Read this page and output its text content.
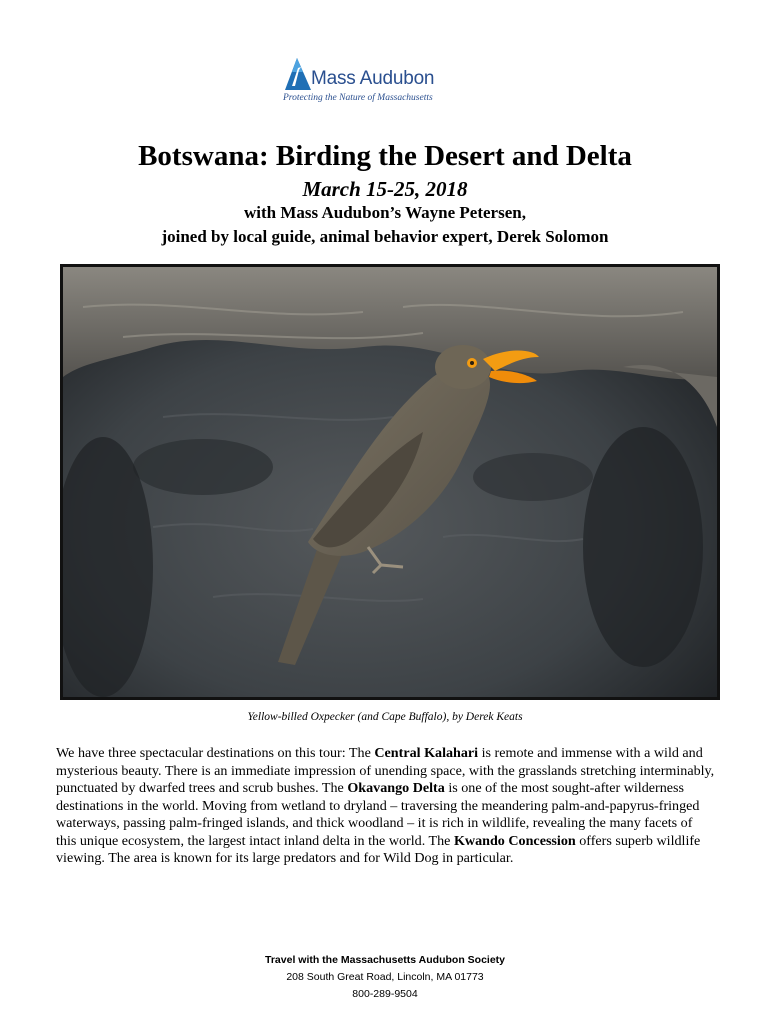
Mass Audubon
Protecting the Nature of Massachusetts
Botswana: Birding the Desert and Delta
March 15-25, 2018
with Mass Audubon’s Wayne Petersen,
joined by local guide, animal behavior expert, Derek Solomon
Yellow-billed Oxpecker (and Cape Buffalo), by Derek Keats

We have three spectacular destinations on this tour: The Central Kalahari is remote and immense with a wild and mysterious beauty. There is an immediate impression of unending space, with the grasslands stretching interminably, punctuated by dwarfed trees and scrub bushes. The Okavango Delta is one of the most sought-after wilderness destinations in the world. Moving from wetland to dryland – traversing the meandering palm-and-papyrus-fringed waterways, passing palm-fringed islands, and thick woodland – it is rich in wildlife, revealing the many facets of this unique ecosystem, the largest intact inland delta in the world. The Kwando Concession offers superb wildlife viewing. The area is known for its large predators and for Wild Dog in particular.

Travel with the Massachusetts Audubon Society
208 South Great Road, Lincoln, MA 01773
800-289-9504
